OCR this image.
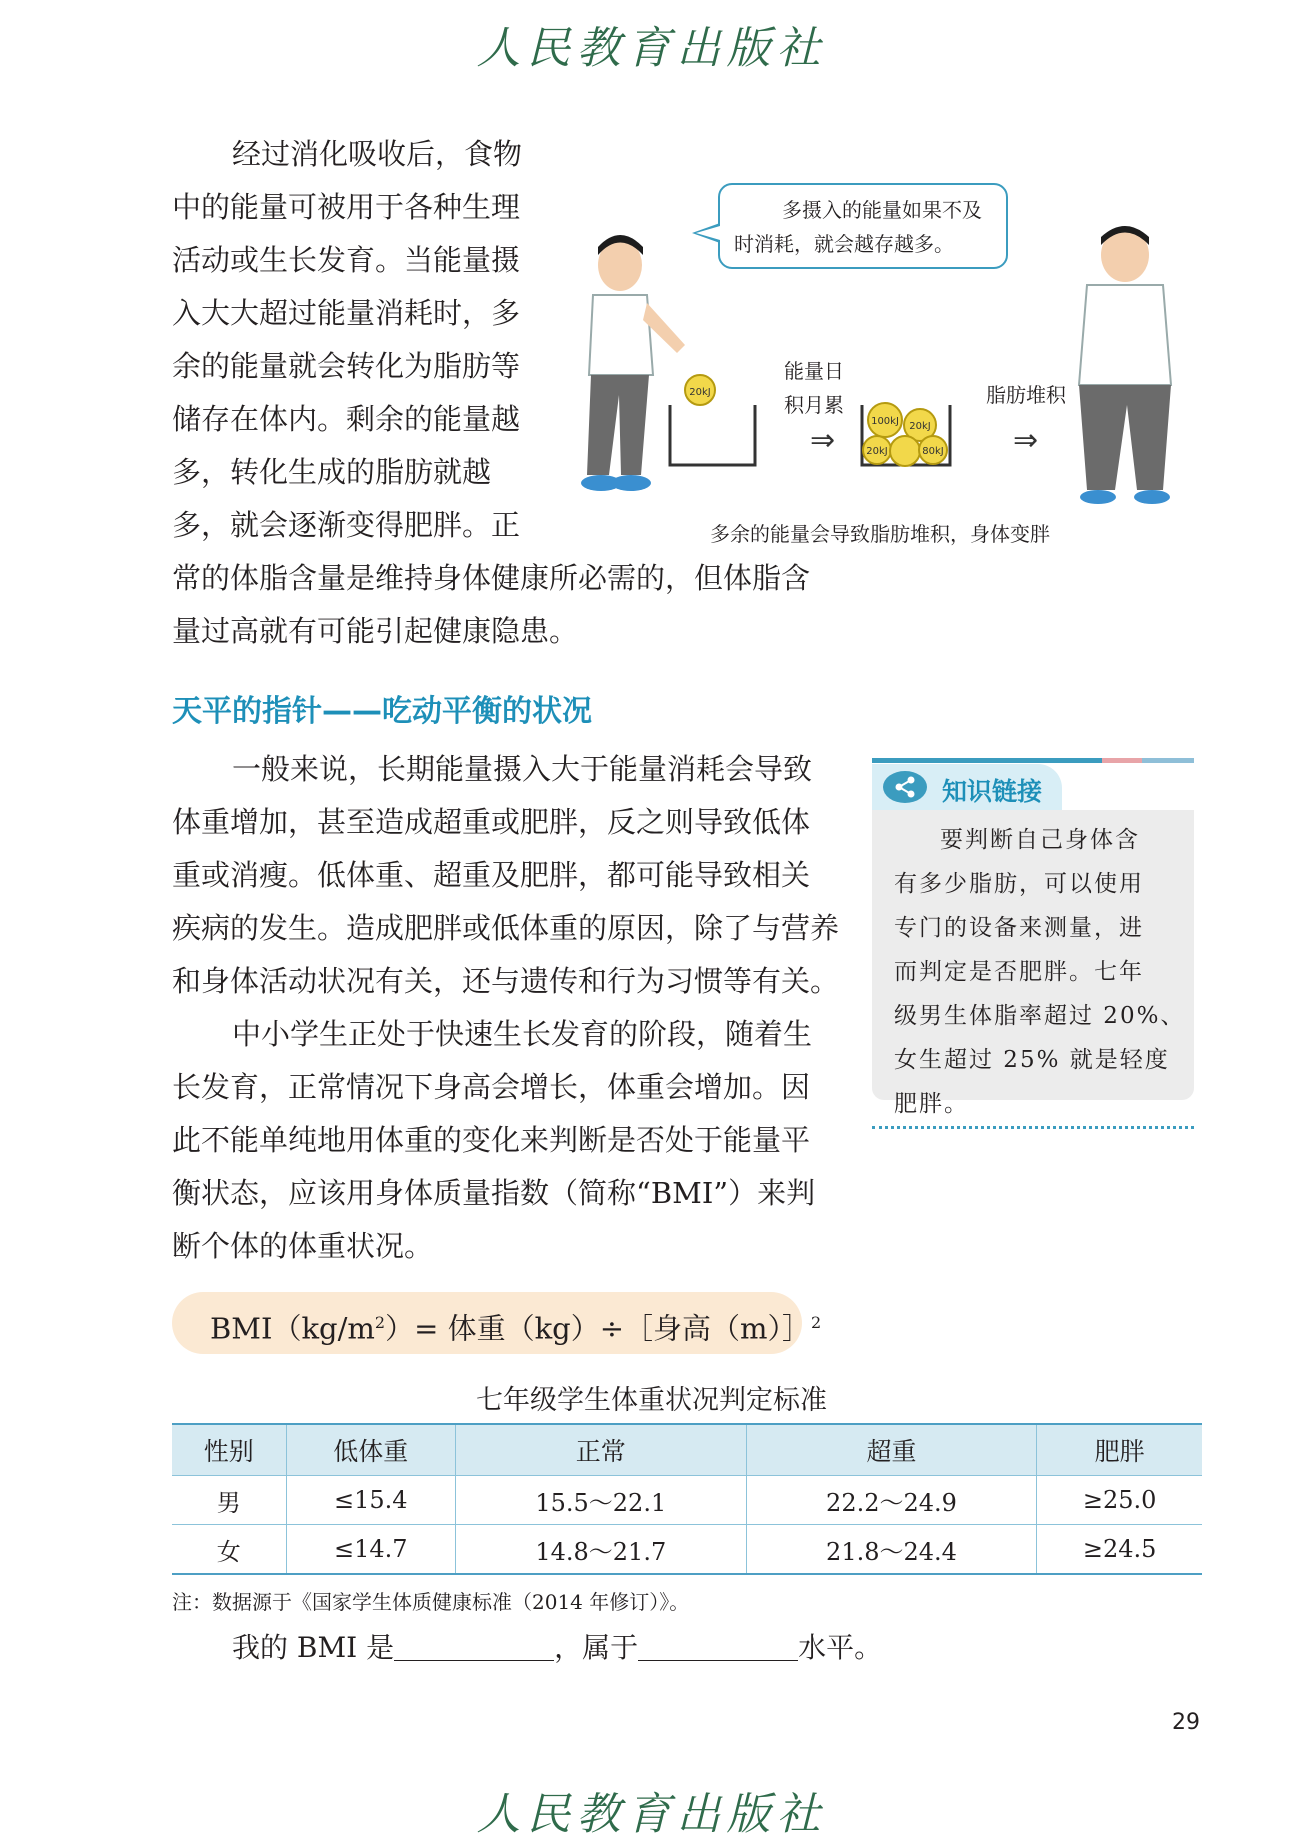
人民教育出版社
经过消化吸收后，食物
中的能量可被用于各种生理
活动或生长发育。当能量摄
入大大超过能量消耗时，多
余的能量就会转化为脂肪等
储存在体内。剩余的能量越
多，转化生成的脂肪就越
多，就会逐渐变得肥胖。正
常的体脂含量是维持身体健康所必需的，但体脂含
量过高就有可能引起健康隐患。
多摄入的能量如果不及
时消耗，就会越存越多。
20kJ
⇒
100kJ 20kJ
80kJ
20kJ	⇒
能量日
积月累	脂肪堆积
多余的能量会导致脂肪堆积，身体变胖
天平的指针——吃动平衡的状况
一般来说，长期能量摄入大于能量消耗会导致
体重增加，甚至造成超重或肥胖，反之则导致低体
重或消瘦。低体重、超重及肥胖，都可能导致相关
疾病的发生。造成肥胖或低体重的原因，除了与营养
和身体活动状况有关，还与遗传和行为习惯等有关。
中小学生正处于快速生长发育的阶段，随着生
长发育，正常情况下身高会增长，体重会增加。因
此不能单纯地用体重的变化来判断是否处于能量平
衡状态，应该用身体质量指数（简称“BMI”）来判
断个体的体重状况。
知识链接
要判断自己身体含
有多少脂肪，可以使用
专门的设备来测量，进
而判定是否肥胖。七年
级男生体脂率超过 20%、
女生超过 25% 就是轻度
肥胖。
$BMI(kg/m^2)=$ 体重（kg）÷［身高（m）］$^2$
七年级学生体重状况判定标准
性别	低体重	正常	超重	肥胖
男	≤15.4	15.5～22.1	22.2～24.9	≥25.0
女	≤14.7	14.8～21.7	21.8～24.4	≥24.5
注：数据源于《国家学生体质健康标准（2014 年修订）》。
我的 BMI 是	，属于	水平。
29
人民教育出版社
